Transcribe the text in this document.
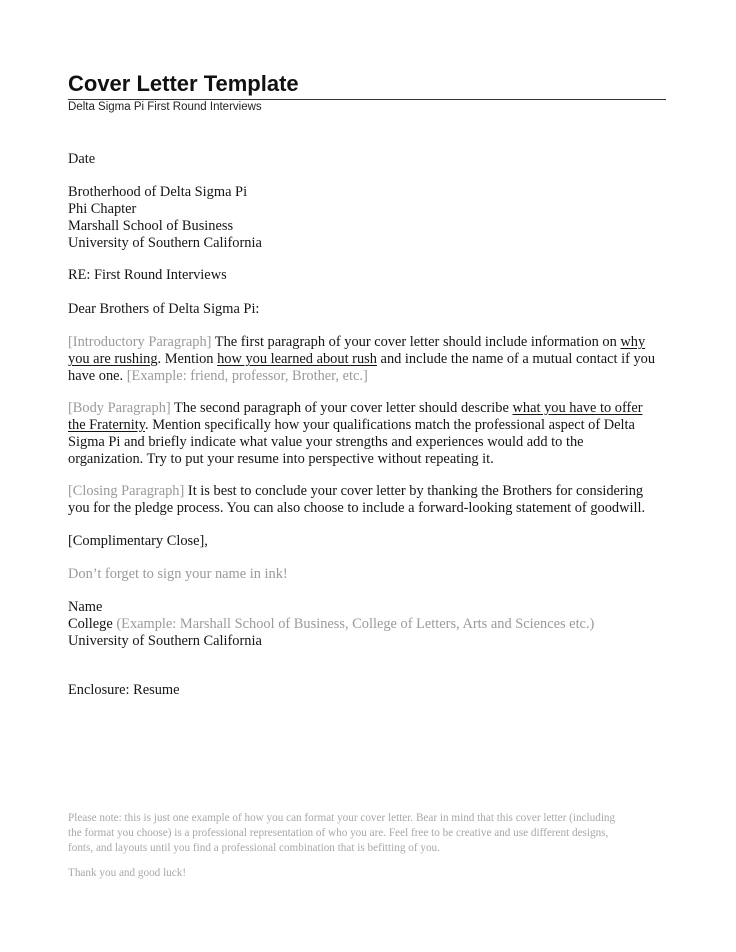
Cover Letter Template
Delta Sigma Pi First Round Interviews
Date
Brotherhood of Delta Sigma Pi
Phi Chapter
Marshall School of Business
University of Southern California
RE: First Round Interviews
Dear Brothers of Delta Sigma Pi:
[Introductory Paragraph] The first paragraph of your cover letter should include information on why
you are rushing. Mention how you learned about rush and include the name of a mutual contact if you
have one. [Example: friend, professor, Brother, etc.]
[Body Paragraph] The second paragraph of your cover letter should describe what you have to offer
the Fraternity. Mention specifically how your qualifications match the professional aspect of Delta
Sigma Pi and briefly indicate what value your strengths and experiences would add to the
organization. Try to put your resume into perspective without repeating it.
[Closing Paragraph] It is best to conclude your cover letter by thanking the Brothers for considering
you for the pledge process. You can also choose to include a forward-looking statement of goodwill.
[Complimentary Close],
Don’t forget to sign your name in ink!
Name
College (Example: Marshall School of Business, College of Letters, Arts and Sciences etc.)
University of Southern California
Enclosure: Resume
Please note: this is just one example of how you can format your cover letter. Bear in mind that this cover letter (including
the format you choose) is a professional representation of who you are. Feel free to be creative and use different designs,
fonts, and layouts until you find a professional combination that is befitting of you.
Thank you and good luck!
